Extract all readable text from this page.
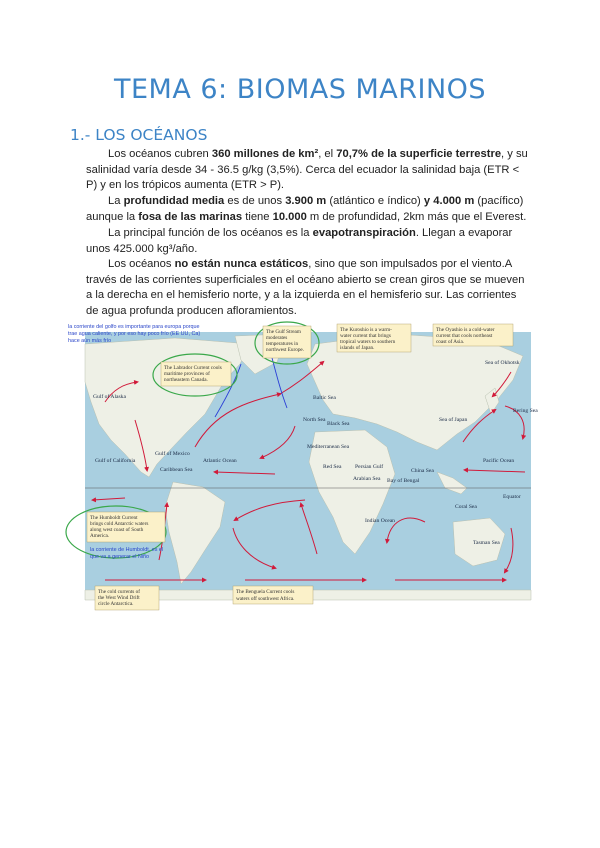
TEMA 6: BIOMAS MARINOS
1.- LOS OCÉANOS

Los océanos cubren 360 millones de km², el 70,7% de la superficie terrestre, y su salinidad varía desde 34 - 36.5 g/kg (3,5%). Cerca del ecuador la salinidad baja (ETR < P) y en los trópicos aumenta (ETR > P).

La profundidad media es de unos 3.900 m (atlántico e índico) y 4.000 m (pacífico) aunque la fosa de las marinas tiene 10.000 m de profundidad, 2km más que el Everest.

La principal función de los océanos es la evapotranspiración. Llegan a evaporar unos 425.000 kg³/año.

Los océanos no están nunca estáticos, sino que son impulsados por el viento.A través de las corrientes superficiales en el océano abierto se crean giros que se mueven a la derecha en el hemisferio norte, y a la izquierda en el hemisferio sur. Las corrientes de agua profunda producen afloramientos.

la corriente del golfo es importante para europa porque
trae agua caliente, y por eso hay poco frío (EE UU, Ca)
hace aún más frío
The Labrador Current cools
maritime provinces of
northeastern Canada.
The Gulf Stream
moderates
temperatures in
northwest Europe.
The Kuroshio is a warm-
water current that brings
tropical waters to southern
islands of Japan.
The Oyashio is a cold-water
current that cools northeast
coast of Asia.
The Humboldt Current
brings cold Antarctic waters
along west coast of South
America.
la corriente de Humboldt, es el
que va a generar el Niño
The cold currents of
the West Wind Drift
circle Antarctica.
The Benguela Current cools
waters off southwest Africa.
Sea of Okhotsk
Gulf of Alaska	Baltic Sea
North Sea
Black Sea
Sea of Japan
Bering Sea
Gulf of Mexico
Gulf of California
Caribbean Sea
Atlantic Ocean
Mediterranean Sea
Red Sea Persian Gulf
Arabian Sea Bay of Bengal
China Sea
Pacific Ocean
Equator
Indian Ocean
Coral Sea
Tasman Sea
